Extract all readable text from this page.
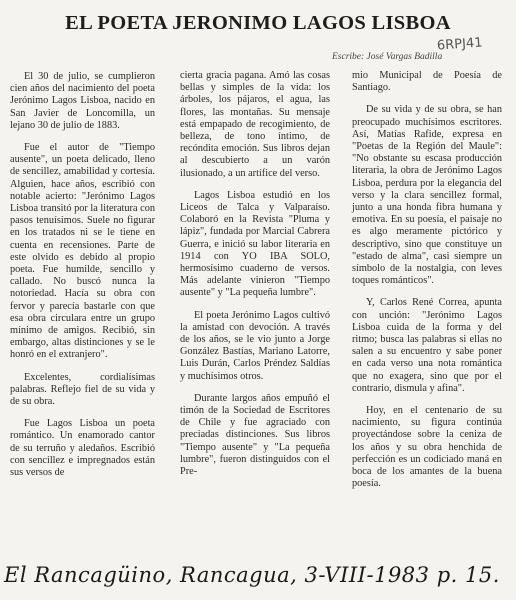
EL POETA JERONIMO LAGOS LISBOA
6RPJ41
Escribe: José Vargas Badilla

El 30 de julio, se cumplieron cien años del nacimiento del poeta Jerónimo Lagos Lisboa, nacido en San Javier de Loncomilla, un lejano 30 de julio de 1883.

Fue el autor de "Tiempo ausente", un poeta delicado, lleno de sencillez, amabilidad y cortesía. Alguien, hace años, escribió con notable acierto: "Jerónimo Lagos Lisboa transitó por la literatura con pasos tenuísimos. Suele no figurar en los tratados ni se le tiene en cuenta en recensiones. Parte de este olvido es debido al propio poeta. Fue humilde, sencillo y callado. No buscó nunca la notoriedad. Hacía su obra con fervor y parecía bastarle con que esa obra circulara entre un grupo mínimo de amigos. Recibió, sin embargo, altas distinciones y se le honró en el extranjero".

Excelentes, cordialísimas palabras. Reflejo fiel de su vida y de su obra.

Fue Lagos Lisboa un poeta romántico. Un enamorado cantor de su terruño y aledaños. Escribió con sencillez e impregnados están sus versos de

cierta gracia pagana. Amó las cosas bellas y simples de la vida: los árboles, los pájaros, el agua, las flores, las montañas. Su mensaje está empapado de recogimiento, de belleza, de tono íntimo, de recóndita emoción. Sus libros dejan al descubierto a un varón ilusionado, a un artífice del verso.

Lagos Lisboa estudió en los Liceos de Talca y Valparaíso. Colaboró en la Revista "Pluma y lápiz", fundada por Marcial Cabrera Guerra, e inició su labor literaria en 1914 con YO IBA SOLO, hermosísimo cuaderno de versos. Más adelante vinieron "Tiempo ausente" y "La pequeña lumbre".

El poeta Jerónimo Lagos cultivó la amistad con devoción. A través de los años, se le vio junto a Jorge González Bastías, Mariano Latorre, Luis Durán, Carlos Préndez Saldías y muchísimos otros.

Durante largos años empuñó el timón de la Sociedad de Escritores de Chile y fue agraciado con preciadas distinciones. Sus libros "Tiempo ausente" y "La pequeña lumbre", fueron distinguidos con el Pre-

mio Municipal de Poesía de Santiago.

De su vida y de su obra, se han preocupado muchísimos escritores. Así, Matías Rafide, expresa en "Poetas de la Región del Maule": "No obstante su escasa producción literaria, la obra de Jerónimo Lagos Lisboa, perdura por la elegancia del verso y la clara sencillez formal, junto a una honda fibra humana y emotiva. En su poesía, el paisaje no es algo meramente pictórico y descriptivo, sino que constituye un "estado de alma", casi siempre un símbolo de la nostalgia, con leves toques románticos".

Y, Carlos René Correa, apunta con unción: "Jerónimo Lagos Lisboa cuida de la forma y del ritmo; busca las palabras si ellas no salen a su encuentro y sabe poner en cada verso una nota romántica que no exagera, sino que por el contrario, dismula y afina".

Hoy, en el centenario de su nacimiento, su figura continúa proyectándose sobre la ceniza de los años y su obra henchida de perfección es un codiciado maná en boca de los amantes de la buena poesía.

El Rancagüino, Rancagua, 3-VIII-1983 p. 15.
